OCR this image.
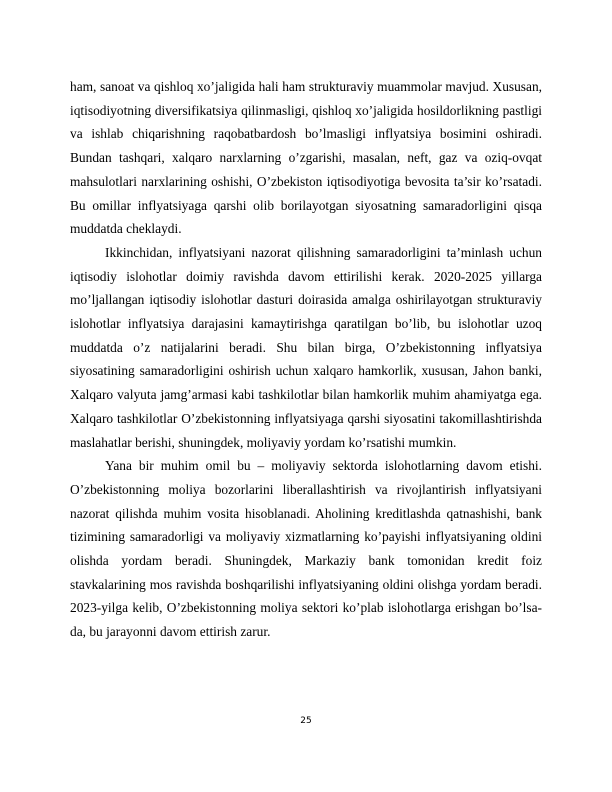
ham, sanoat va qishloq xo’jaligida hali ham strukturaviy muammolar mavjud. Xususan, iqtisodiyotning diversifikatsiya qilinmasligi, qishloq xo’jaligida hosildorlikning pastligi va ishlab chiqarishning raqobatbardosh bo’lmasligi inflyatsiya bosimini oshiradi. Bundan tashqari, xalqaro narxlarning o’zgarishi, masalan, neft, gaz va oziq-ovqat mahsulotlari narxlarining oshishi, O’zbekiston iqtisodiyotiga bevosita ta’sir ko’rsatadi. Bu omillar inflyatsiyaga qarshi olib borilayotgan siyosatning samaradorligini qisqa muddatda cheklaydi.

Ikkinchidan, inflyatsiyani nazorat qilishning samaradorligini ta’minlash uchun iqtisodiy islohotlar doimiy ravishda davom ettirilishi kerak. 2020-2025 yillarga mo’ljallangan iqtisodiy islohotlar dasturi doirasida amalga oshirilayotgan strukturaviy islohotlar inflyatsiya darajasini kamaytirishga qaratilgan bo’lib, bu islohotlar uzoq muddatda o’z natijalarini beradi. Shu bilan birga, O’zbekistonning inflyatsiya siyosatining samaradorligini oshirish uchun xalqaro hamkorlik, xususan, Jahon banki, Xalqaro valyuta jamg’armasi kabi tashkilotlar bilan hamkorlik muhim ahamiyatga ega. Xalqaro tashkilotlar O’zbekistonning inflyatsiyaga qarshi siyosatini takomillashtirishda maslahatlar berishi, shuningdek, moliyaviy yordam ko’rsatishi mumkin.

Yana bir muhim omil bu – moliyaviy sektorda islohotlarning davom etishi. O’zbekistonning moliya bozorlarini liberallashtirish va rivojlantirish inflyatsiyani nazorat qilishda muhim vosita hisoblanadi. Aholining kreditlashda qatnashishi, bank tizimining samaradorligi va moliyaviy xizmatlarning ko’payishi inflyatsiyaning oldini olishda yordam beradi. Shuningdek, Markaziy bank tomonidan kredit foiz stavkalarining mos ravishda boshqarilishi inflyatsiyaning oldini olishga yordam beradi. 2023-yilga kelib, O’zbekistonning moliya sektori ko’plab islohotlarga erishgan bo’lsa-da, bu jarayonni davom ettirish zarur.

25
